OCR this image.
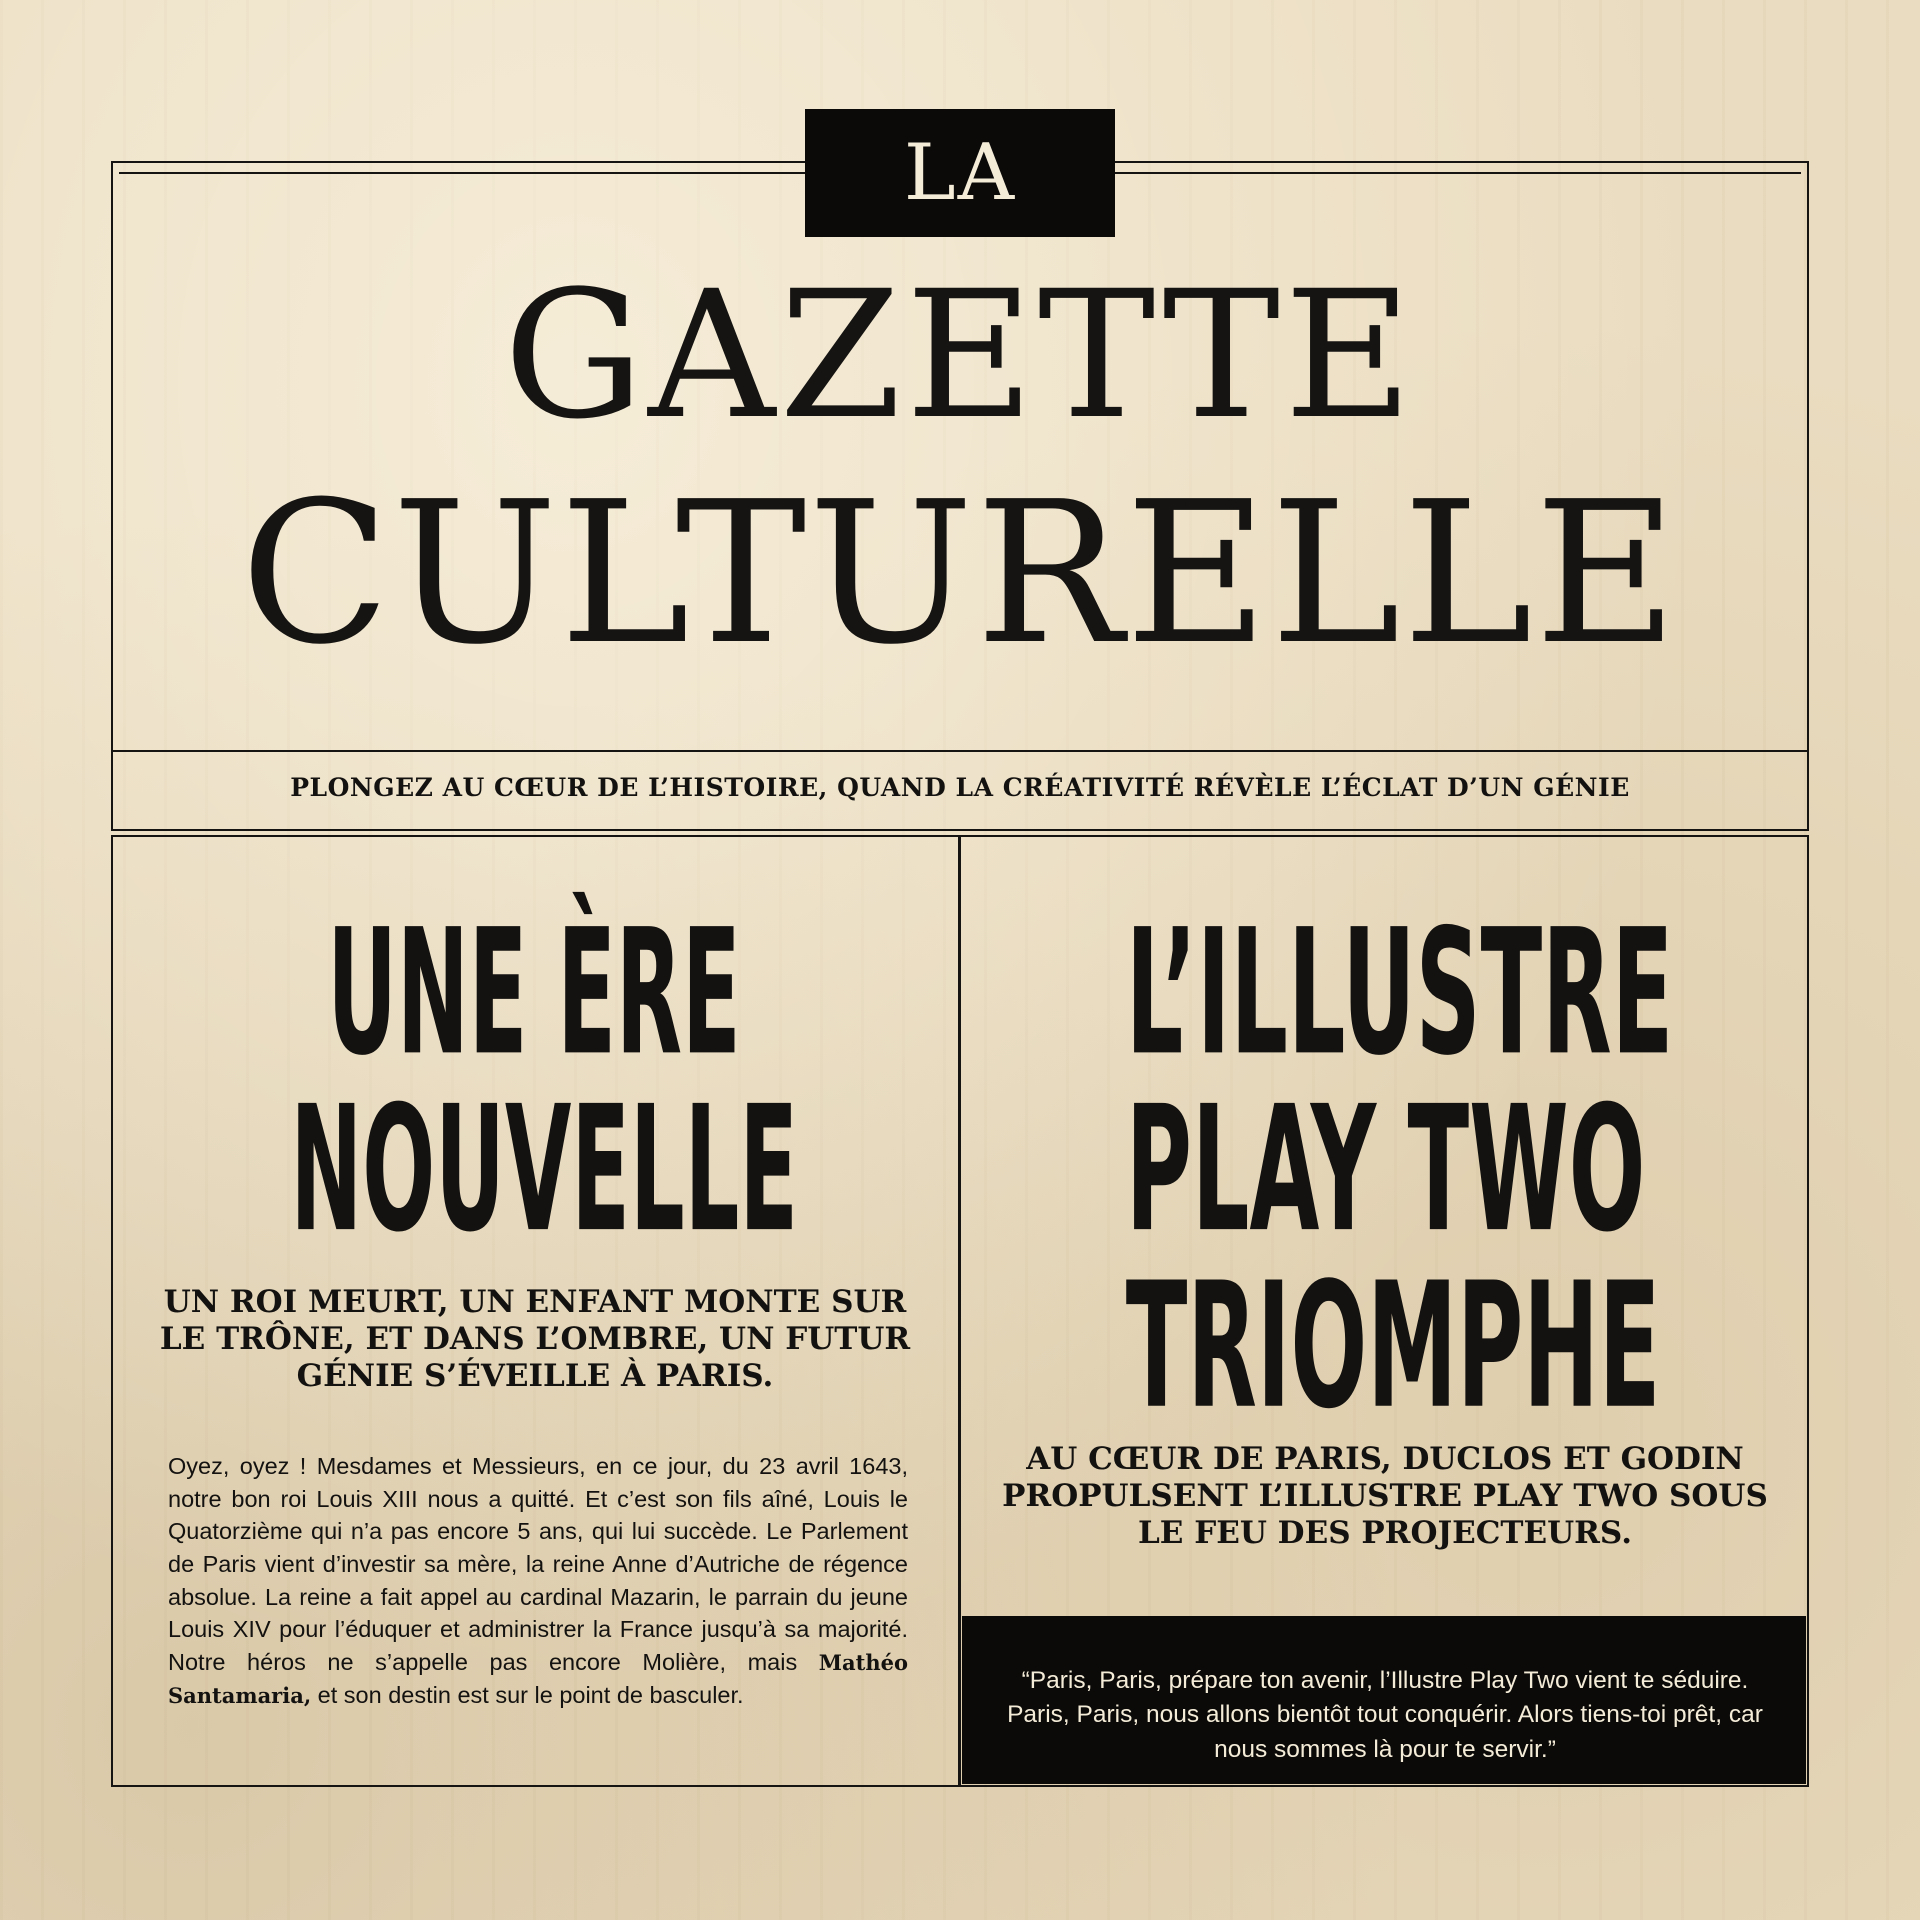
LA
GAZETTE
CULTURELLE
PLONGEZ AU CŒUR DE L’HISTOIRE, QUAND LA CRÉATIVITÉ RÉVÈLE L’ÉCLAT D’UN GÉNIE
UNE ÈRE
NOUVELLE
UN ROI MEURT, UN ENFANT MONTE SUR LE TRÔNE, ET DANS L’OMBRE, UN FUTUR GÉNIE S’ÉVEILLE À PARIS.
Oyez, oyez ! Mesdames et Messieurs, en ce jour, du 23 avril 1643, notre bon roi Louis XIII nous a quitté. Et c’est son fils aîné, Louis le Quatorzième qui n’a pas encore 5 ans, qui lui succède. Le Parlement de Paris vient d’investir sa mère, la reine Anne d’Autriche de régence absolue. La reine a fait appel au cardinal Mazarin, le parrain du jeune Louis XIV pour l’éduquer et administrer la France jusqu’à sa majorité. Notre héros ne s’appelle pas encore Molière, mais Mathéo Santamaria, et son destin est sur le point de basculer.
L’ILLUSTRE
PLAY TWO
TRIOMPHE
AU CŒUR DE PARIS, DUCLOS ET GODIN PROPULSENT L’ILLUSTRE PLAY TWO SOUS LE FEU DES PROJECTEURS.
“Paris, Paris, prépare ton avenir, l’Illustre Play Two vient te séduire. Paris, Paris, nous allons bientôt tout conquérir. Alors tiens-toi prêt, car nous sommes là pour te servir.”
